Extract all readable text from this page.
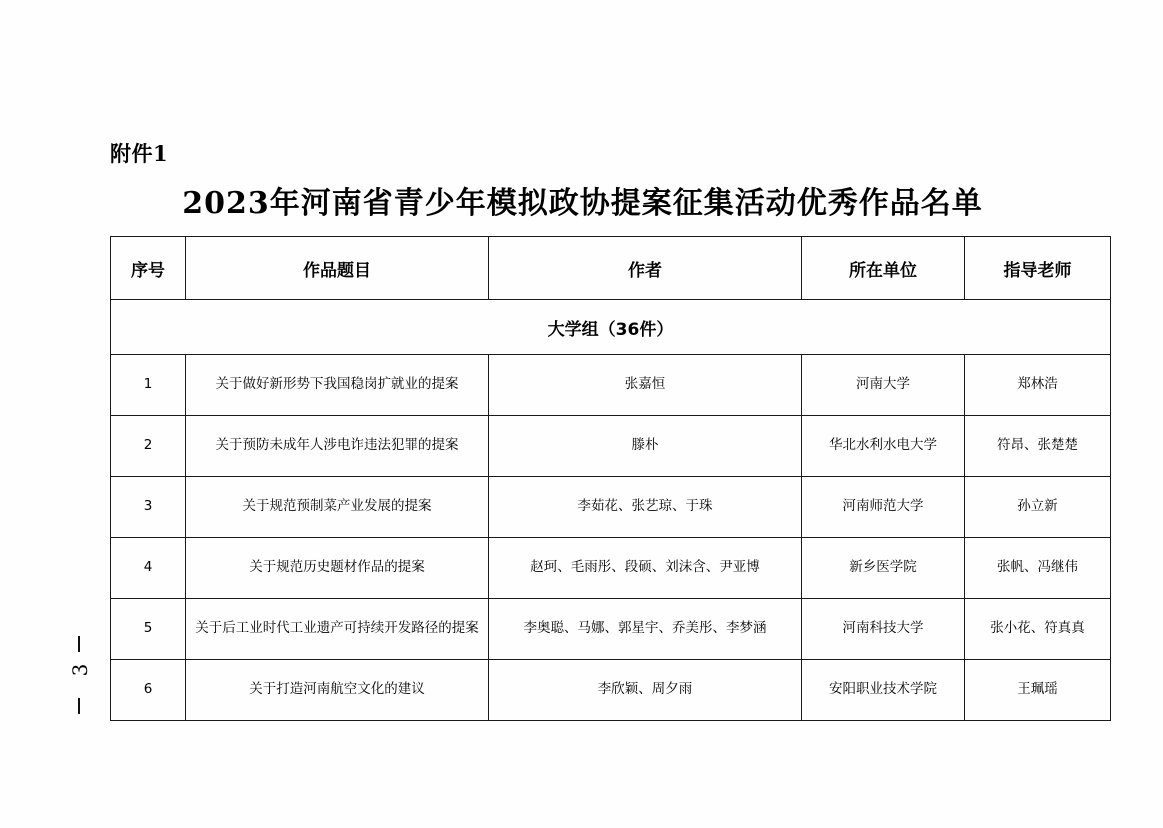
附件1
2023年河南省青少年模拟政协提案征集活动优秀作品名单
序号	作品题目	作者	所在单位	指导老师
大学组（36件）				
1	关于做好新形势下我国稳岗扩就业的提案	张嘉恒	河南大学	郑林浩
2	关于预防未成年人涉电诈违法犯罪的提案	滕朴	华北水利水电大学	符昂、张楚楚
3	关于规范预制菜产业发展的提案	李茹花、张艺琼、于珠	河南师范大学	孙立新
4	关于规范历史题材作品的提案	赵珂、毛雨彤、段硕、刘沫含、尹亚博	新乡医学院	张帆、冯继伟
5	关于后工业时代工业遗产可持续开发路径的提案	李奥聪、马娜、郭星宇、乔美彤、李梦涵	河南科技大学	张小花、符真真
6	关于打造河南航空文化的建议	李欣颖、周夕雨	安阳职业技术学院	王珮瑶
3
